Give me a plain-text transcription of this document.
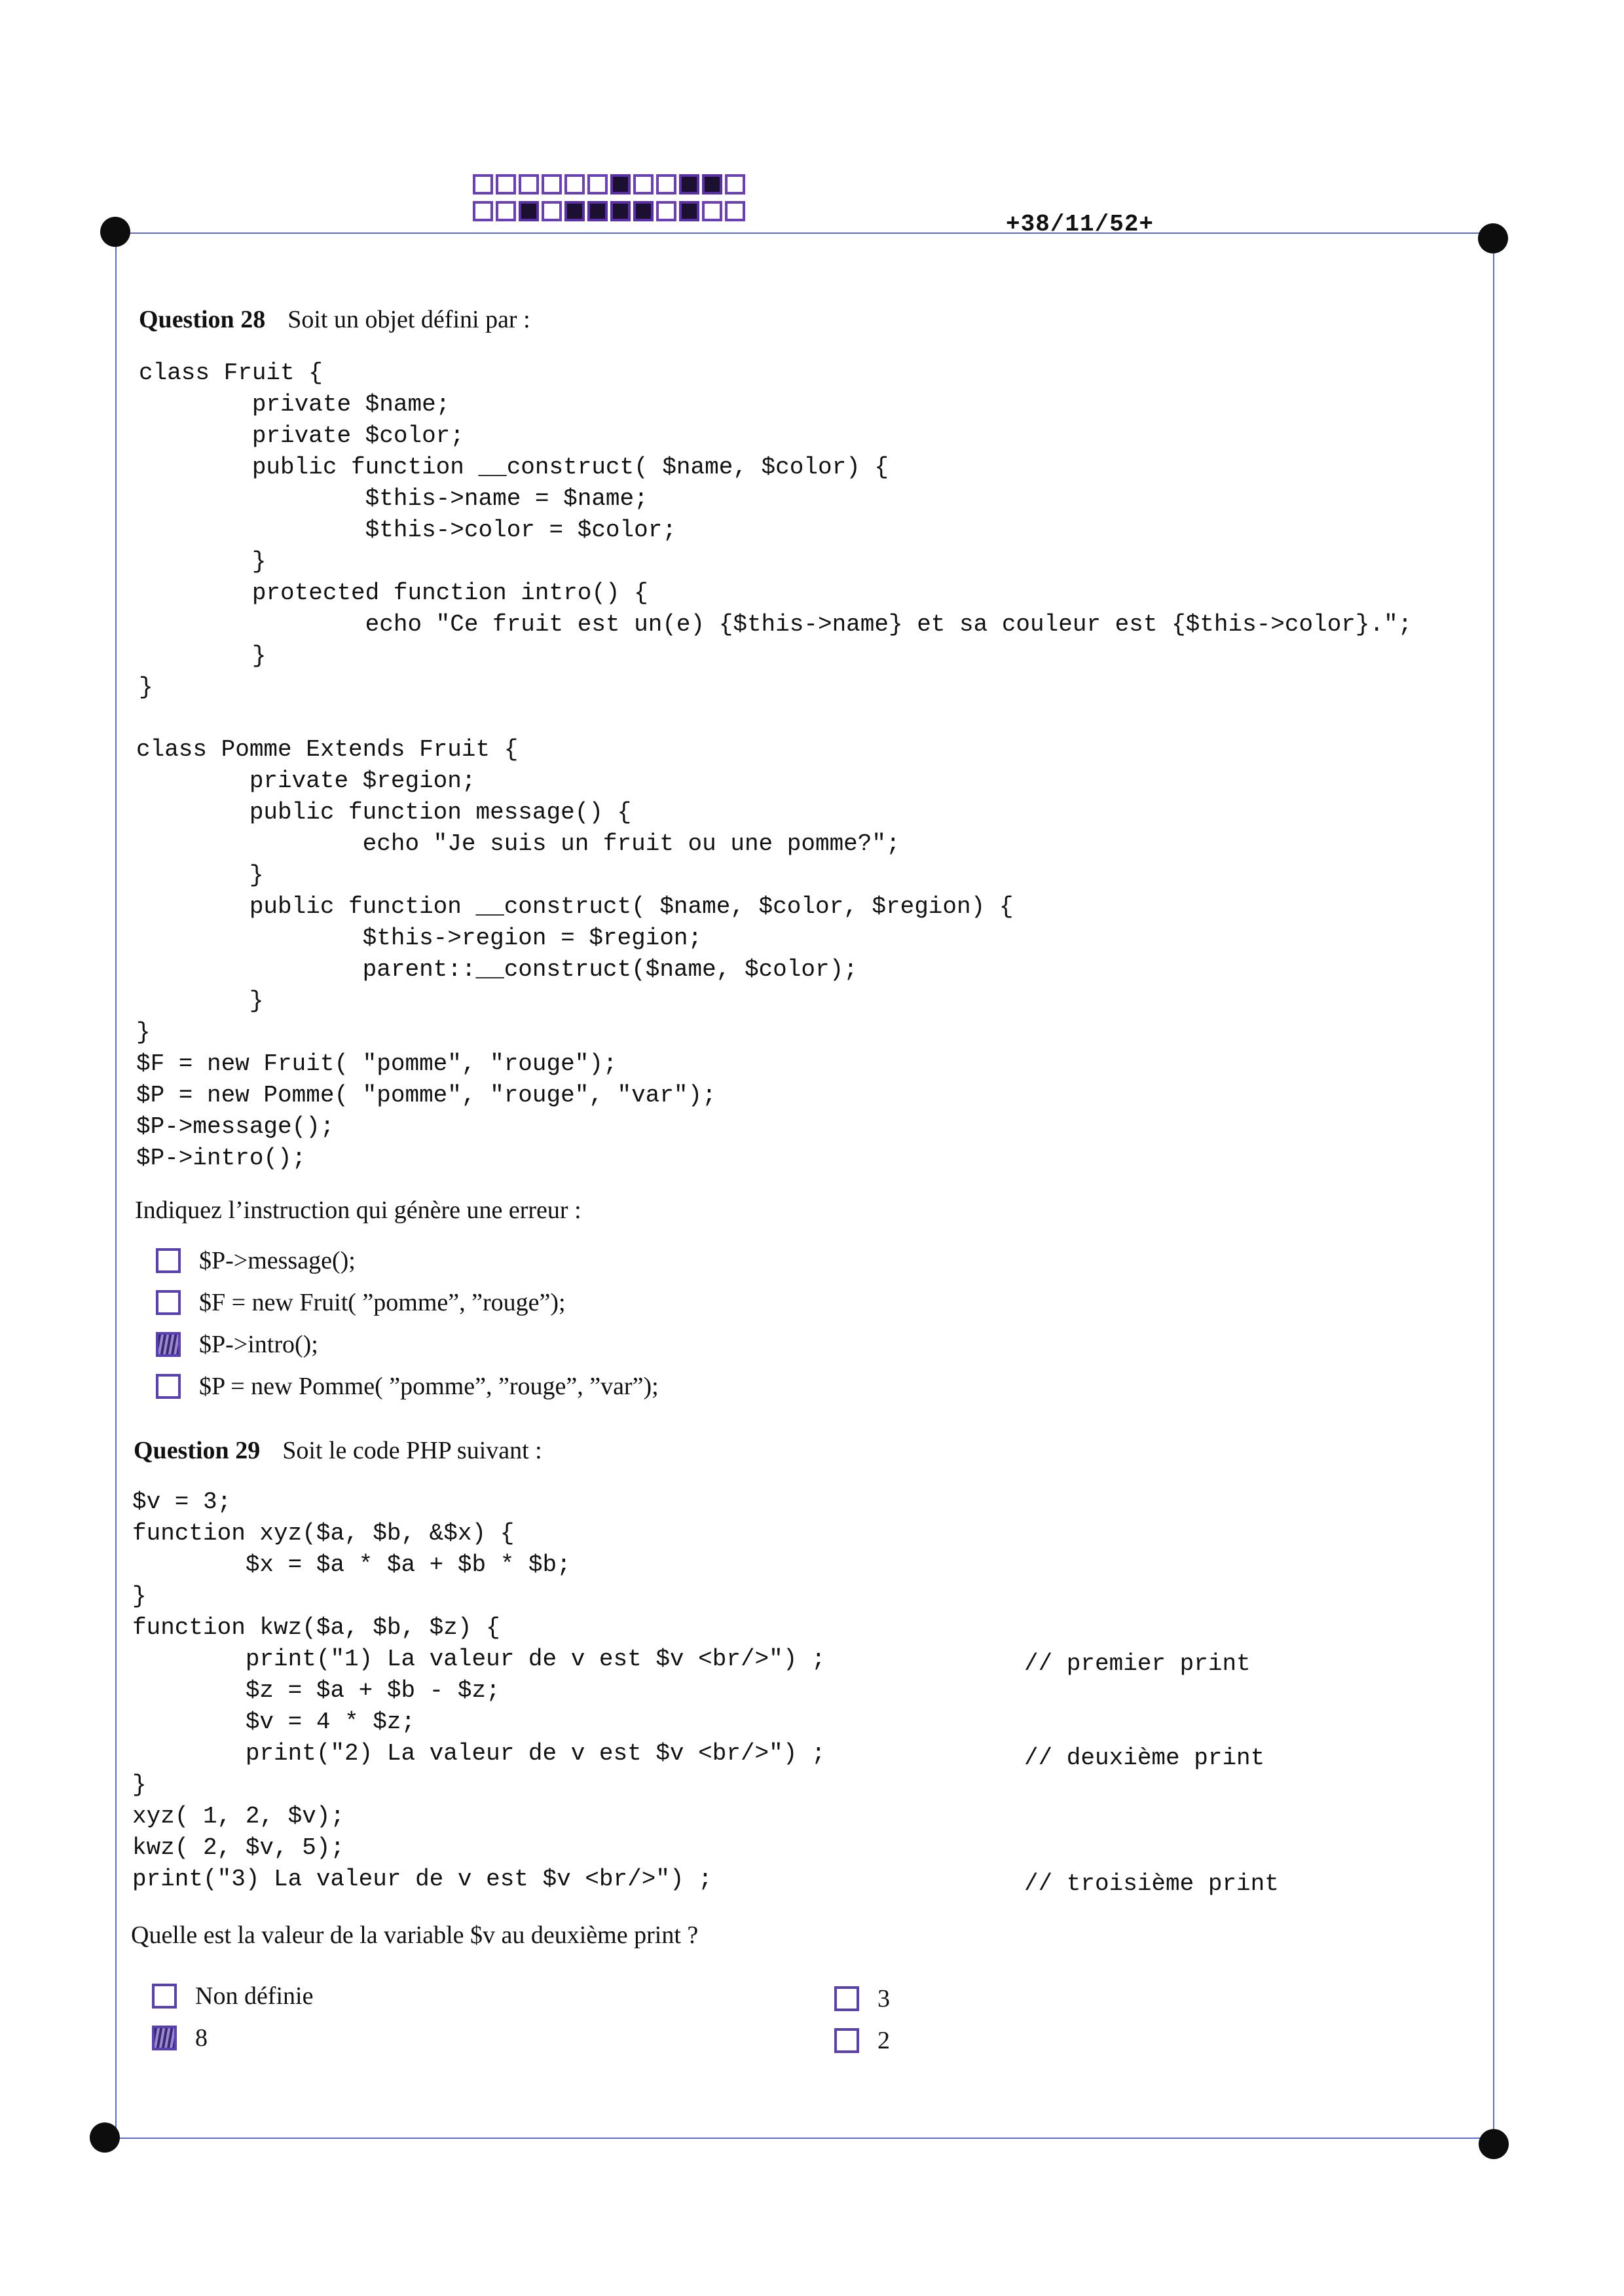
+38/11/52+
Question 28 Soit un objet défini par :
class Fruit {
private $name;
private $color;
public function __construct( $name, $color) {
$this->name = $name;
$this->color = $color;
}
protected function intro() {
echo "Ce fruit est un(e) {$this->name} et sa couleur est {$this->color}.";
}
}
class Pomme Extends Fruit {
private $region;
public function message() {
echo "Je suis un fruit ou une pomme?";
}
public function __construct( $name, $color, $region) {
$this->region = $region;
parent::__construct($name, $color);
}
}
$F = new Fruit( "pomme", "rouge");
$P = new Pomme( "pomme", "rouge", "var");
$P->message();
$P->intro();
Indiquez l’instruction qui génère une erreur :
$P->message();
$F = new Fruit( ”pomme”, ”rouge”);
$P->intro();
$P = new Pomme( ”pomme”, ”rouge”, ”var”);
Question 29 Soit le code PHP suivant :
$v = 3;
function xyz($a, $b, &$x) {
$x = $a * $a + $b * $b;
}
function kwz($a, $b, $z) {
print("1) La valeur de v est $v <br/>") ;
$z = $a + $b - $z;
$v = 4 * $z;
print("2) La valeur de v est $v <br/>") ;
}
xyz( 1, 2, $v);
kwz( 2, $v, 5);
print("3) La valeur de v est $v <br/>") ;
// premier print
// deuxième print
// troisième print
Quelle est la valeur de la variable $v au deuxième print ?
Non définie
8
3
2
